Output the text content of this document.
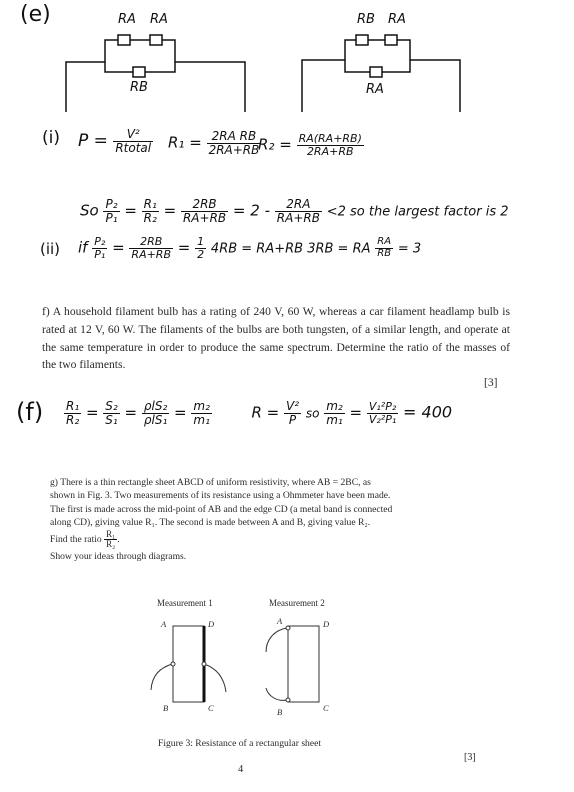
(e)	RA RA
RB
RB RA
RA
(i) $P = \frac{\text{V²}}{\text{Rtotal}} R_1 = \frac{\text{2RA RB}}{2RA+RB}$
$R_2 = \frac{RA(RA+RB)}{2RA+RB}$
So $\frac{\text{P₂}}{\text{P₁}} = \frac{\text{R₁}}{\text{R₂}} = \frac{2RB}{RA+RB} = 2 - \frac{2RA}{RA+RB} <2$ so the largest factor is 2
(ii) if $\frac{\text{P₂}}{\text{P₁}} = \frac{2RB}{RA+RB} = \frac{1}{2} 4RB = RA+RB$ 3RB = RA $\frac{RA}{RB} = 3$
f) A household filament bulb has a rating of 240 V, 60 W, whereas a car filament headlamp bulb is rated at 12 V, 60 W. The filaments of the bulbs are both tungsten, of a similar length, and operate at the same temperature in order to produce the same spectrum. Determine the ratio of the masses of the two filaments.
[3]
$(f) \frac{\text{R₁}}{\text{R₂}} = \frac{\text{S₂}}{\text{S₁}} = \frac{\text{ρlS₂}}{\text{ρlS₁}} = \frac{\text{m₂}}{\text{m₁}}$	$R = \frac{\text{V²}}{P}$ so $\frac{\text{m₂}}{\text{m₁}} = \frac{\text{V₁²P₂}}{\text{V₂²P₁}} = 400$
g) There is a thin rectangle sheet ABCD of uniform resistivity, where AB = 2BC, as
shown in Fig. 3. Two measurements of its resistance using a Ohmmeter have been made.
The first is made across the mid-point of AB and the edge CD (a metal band is connected
along CD), giving value R₁. The second is made between A and B, giving value R₂.
Find the ratio $\frac{\text{R₁}}{\text{R₂}}$ .
Show your ideas through diagrams.
Measurement 1	Measurement 2
A	D
B	C
A	D
B	C
Figure 3: Resistance of a rectangular sheet
[3]
4
